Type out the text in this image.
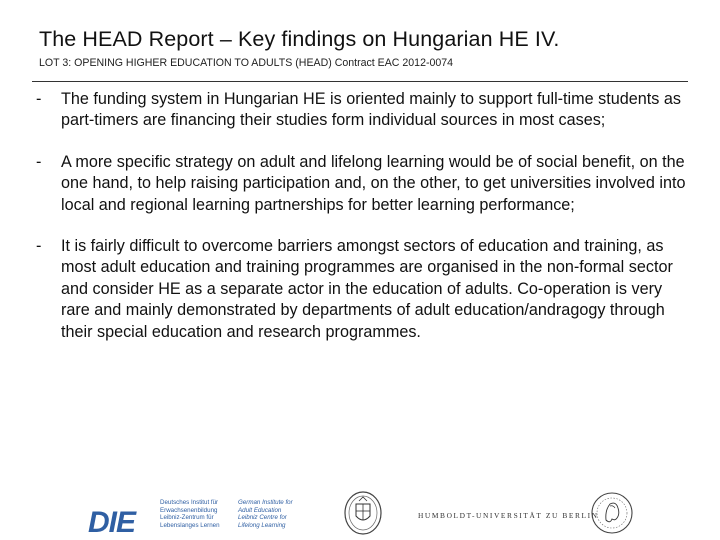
The HEAD Report – Key findings on Hungarian HE IV.
LOT 3: OPENING HIGHER EDUCATION TO ADULTS (HEAD) Contract EAC 2012-0074
- The funding system in Hungarian HE is oriented mainly to support full-time students as part-timers are financing their studies form individual sources in most cases;
- A more specific strategy on adult and lifelong learning would be of social benefit, on the one hand, to help raising participation and, on the other, to get universities involved into local and regional learning partnerships for better learning performance;
- It is fairly difficult to overcome barriers amongst sectors of education and training, as most adult education and training programmes are organised in the non-formal sector and consider HE as a separate actor in the education of adults. Co-operation is very rare and mainly demonstrated by departments of adult education/andragogy through their special education and research programmes.
DIE
Deutsches Institut für
Erwachsenenbildung
Leibniz-Zentrum für
Lebenslanges Lernen
German Institute for
Adult Education
Leibniz Centre for
Lifelong Learning
HUMBOLDT-UNIVERSITÄT ZU BERLIN
